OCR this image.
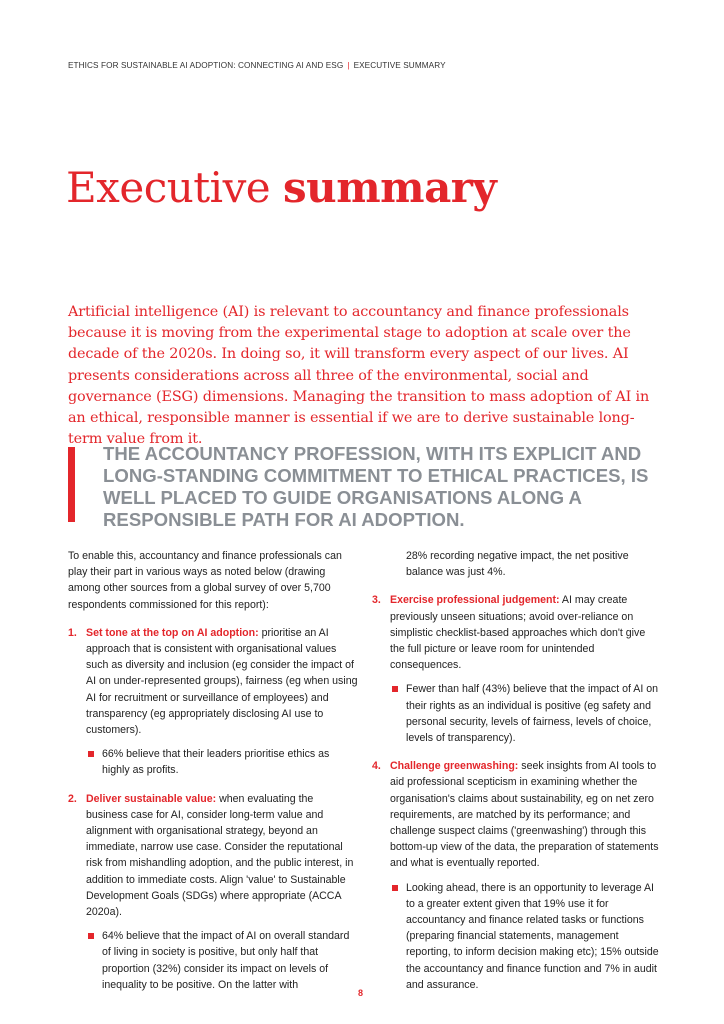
ETHICS FOR SUSTAINABLE AI ADOPTION: CONNECTING AI AND ESG | EXECUTIVE SUMMARY
Executive summary
Artificial intelligence (AI) is relevant to accountancy and finance professionals because it is moving from the experimental stage to adoption at scale over the decade of the 2020s. In doing so, it will transform every aspect of our lives. AI presents considerations across all three of the environmental, social and governance (ESG) dimensions. Managing the transition to mass adoption of AI in an ethical, responsible manner is essential if we are to derive sustainable long-term value from it.
THE ACCOUNTANCY PROFESSION, WITH ITS EXPLICIT AND LONG-STANDING COMMITMENT TO ETHICAL PRACTICES, IS WELL PLACED TO GUIDE ORGANISATIONS ALONG A RESPONSIBLE PATH FOR AI ADOPTION.

To enable this, accountancy and finance professionals can play their part in various ways as noted below (drawing among other sources from a global survey of over 5,700 respondents commissioned for this report):

1. Set tone at the top on AI adoption: prioritise an AI approach that is consistent with organisational values such as diversity and inclusion (eg consider the impact of AI on under-represented groups), fairness (eg when using AI for recruitment or surveillance of employees) and transparency (eg appropriately disclosing AI use to customers).
66% believe that their leaders prioritise ethics as highly as profits.
2. Deliver sustainable value: when evaluating the business case for AI, consider long-term value and alignment with organisational strategy, beyond an immediate, narrow use case. Consider the reputational risk from mishandling adoption, and the public interest, in addition to immediate costs. Align 'value' to Sustainable Development Goals (SDGs) where appropriate (ACCA 2020a).
64% believe that the impact of AI on overall standard of living in society is positive, but only half that proportion (32%) consider its impact on levels of inequality to be positive. On the latter with

28% recording negative impact, the net positive balance was just 4%.

3. Exercise professional judgement: AI may create previously unseen situations; avoid over-reliance on simplistic checklist-based approaches which don't give the full picture or leave room for unintended consequences.
Fewer than half (43%) believe that the impact of AI on their rights as an individual is positive (eg safety and personal security, levels of fairness, levels of choice, levels of transparency).
4. Challenge greenwashing: seek insights from AI tools to aid professional scepticism in examining whether the organisation's claims about sustainability, eg on net zero requirements, are matched by its performance; and challenge suspect claims ('greenwashing') through this bottom-up view of the data, the preparation of statements and what is eventually reported.
Looking ahead, there is an opportunity to leverage AI to a greater extent given that 19% use it for accountancy and finance related tasks or functions (preparing financial statements, management reporting, to inform decision making etc); 15% outside the accountancy and finance function and 7% in audit and assurance.
8
